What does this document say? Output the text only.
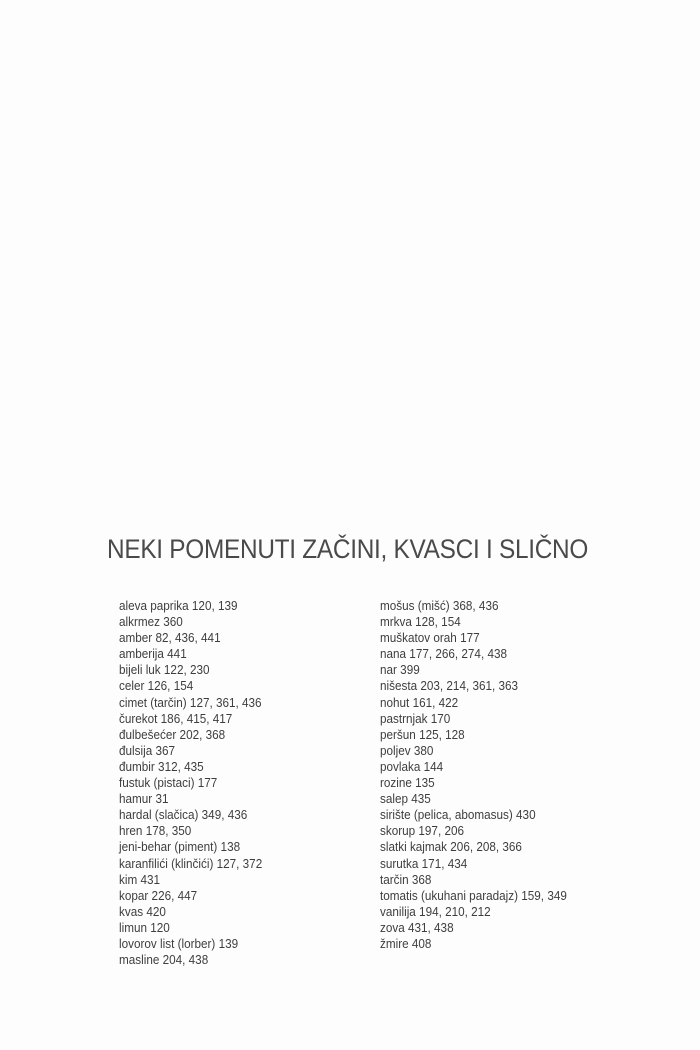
NEKI POMENUTI ZAČINI, KVASCI I SLIČNO
aleva paprika 120, 139
alkrmez 360
amber 82, 436, 441
amberija 441
bijeli luk 122, 230
celer 126, 154
cimet (tarčin) 127, 361, 436
čurekot 186, 415, 417
đulbešećer 202, 368
đulsija 367
đumbir 312, 435
fustuk (pistaci) 177
hamur 31
hardal (slačica) 349, 436
hren 178, 350
jeni-behar (piment) 138
karanfilići (klinčići) 127, 372
kim 431
kopar 226, 447
kvas 420
limun 120
lovorov list (lorber) 139
masline 204, 438
mošus (mišć) 368, 436
mrkva 128, 154
muškatov orah 177
nana 177, 266, 274, 438
nar 399
nišesta 203, 214, 361, 363
nohut 161, 422
pastrnjak 170
peršun 125, 128
poljev 380
povlaka 144
rozine 135
salep 435
sirište (pelica, abomasus) 430
skorup 197, 206
slatki kajmak 206, 208, 366
surutka 171, 434
tarčin 368
tomatis (ukuhani paradajz) 159, 349
vanilija 194, 210, 212
zova 431, 438
žmire 408
